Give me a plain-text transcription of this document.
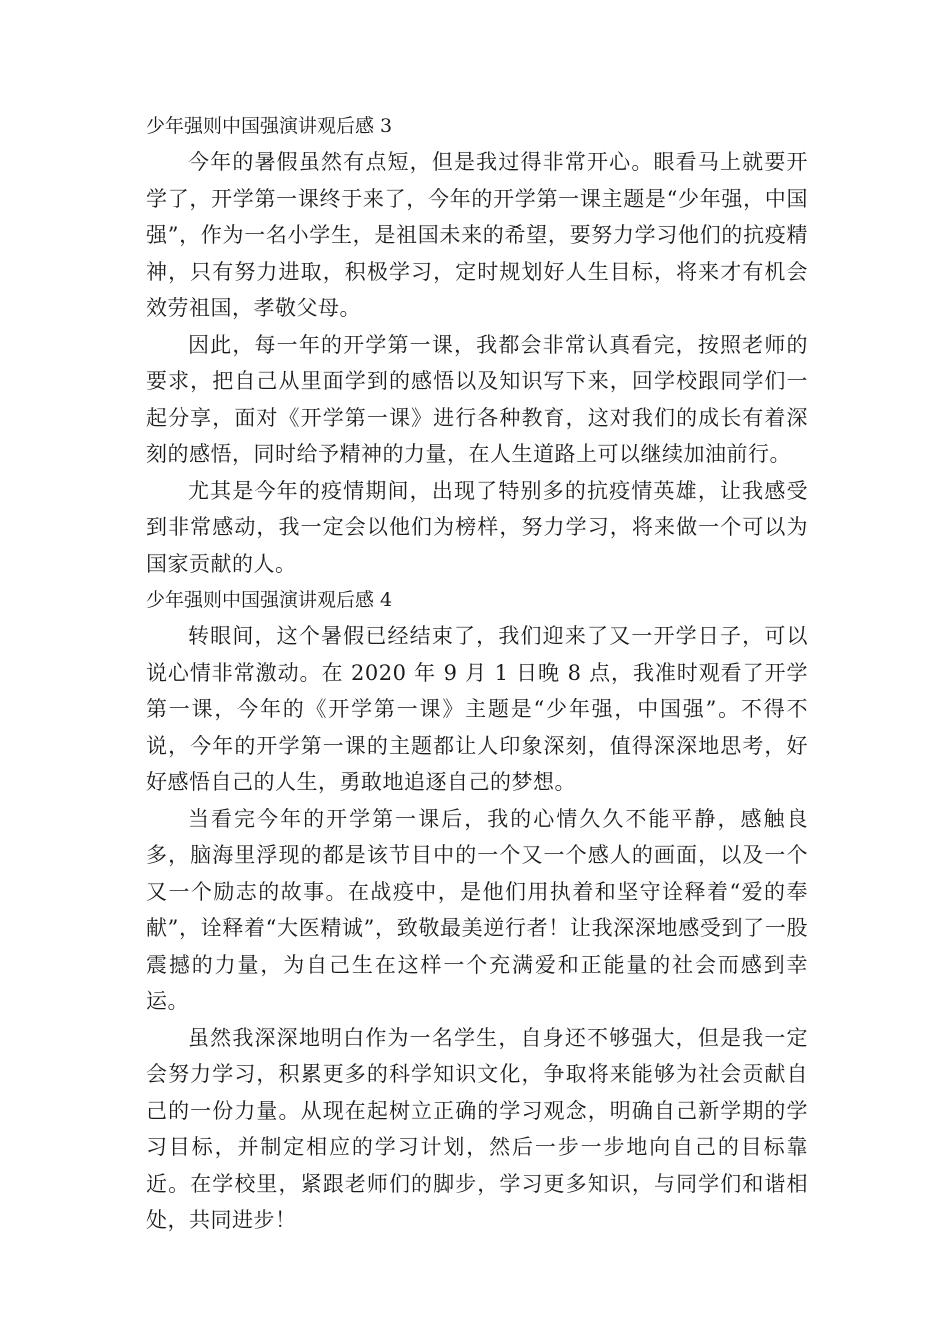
少年强则中国强演讲观后感 3

今年的暑假虽然有点短，但是我过得非常开心。眼看马上就要开学了，开学第一课终于来了，今年的开学第一课主题是“少年强，中国强”，作为一名小学生，是祖国未来的希望，要努力学习他们的抗疫精神，只有努力进取，积极学习，定时规划好人生目标，将来才有机会效劳祖国，孝敬父母。

因此，每一年的开学第一课，我都会非常认真看完，按照老师的要求，把自己从里面学到的感悟以及知识写下来，回学校跟同学们一起分享，面对《开学第一课》进行各种教育，这对我们的成长有着深刻的感悟，同时给予精神的力量，在人生道路上可以继续加油前行。

尤其是今年的疫情期间，出现了特别多的抗疫情英雄，让我感受到非常感动，我一定会以他们为榜样，努力学习，将来做一个可以为国家贡献的人。

少年强则中国强演讲观后感 4

转眼间，这个暑假已经结束了，我们迎来了又一开学日子，可以说心情非常激动。在 2020 年 9 月 1 日晚 8 点，我准时观看了开学第一课，今年的《开学第一课》主题是“少年强，中国强”。不得不说，今年的开学第一课的主题都让人印象深刻，值得深深地思考，好好感悟自己的人生，勇敢地追逐自己的梦想。

当看完今年的开学第一课后，我的心情久久不能平静，感触良多，脑海里浮现的都是该节目中的一个又一个感人的画面，以及一个又一个励志的故事。在战疫中，是他们用执着和坚守诠释着“爱的奉献”，诠释着“大医精诚”，致敬最美逆行者！让我深深地感受到了一股震撼的力量，为自己生在这样一个充满爱和正能量的社会而感到幸运。

虽然我深深地明白作为一名学生，自身还不够强大，但是我一定会努力学习，积累更多的科学知识文化，争取将来能够为社会贡献自己的一份力量。从现在起树立正确的学习观念，明确自己新学期的学习目标，并制定相应的学习计划，然后一步一步地向自己的目标靠近。在学校里，紧跟老师们的脚步，学习更多知识，与同学们和谐相处，共同进步！
